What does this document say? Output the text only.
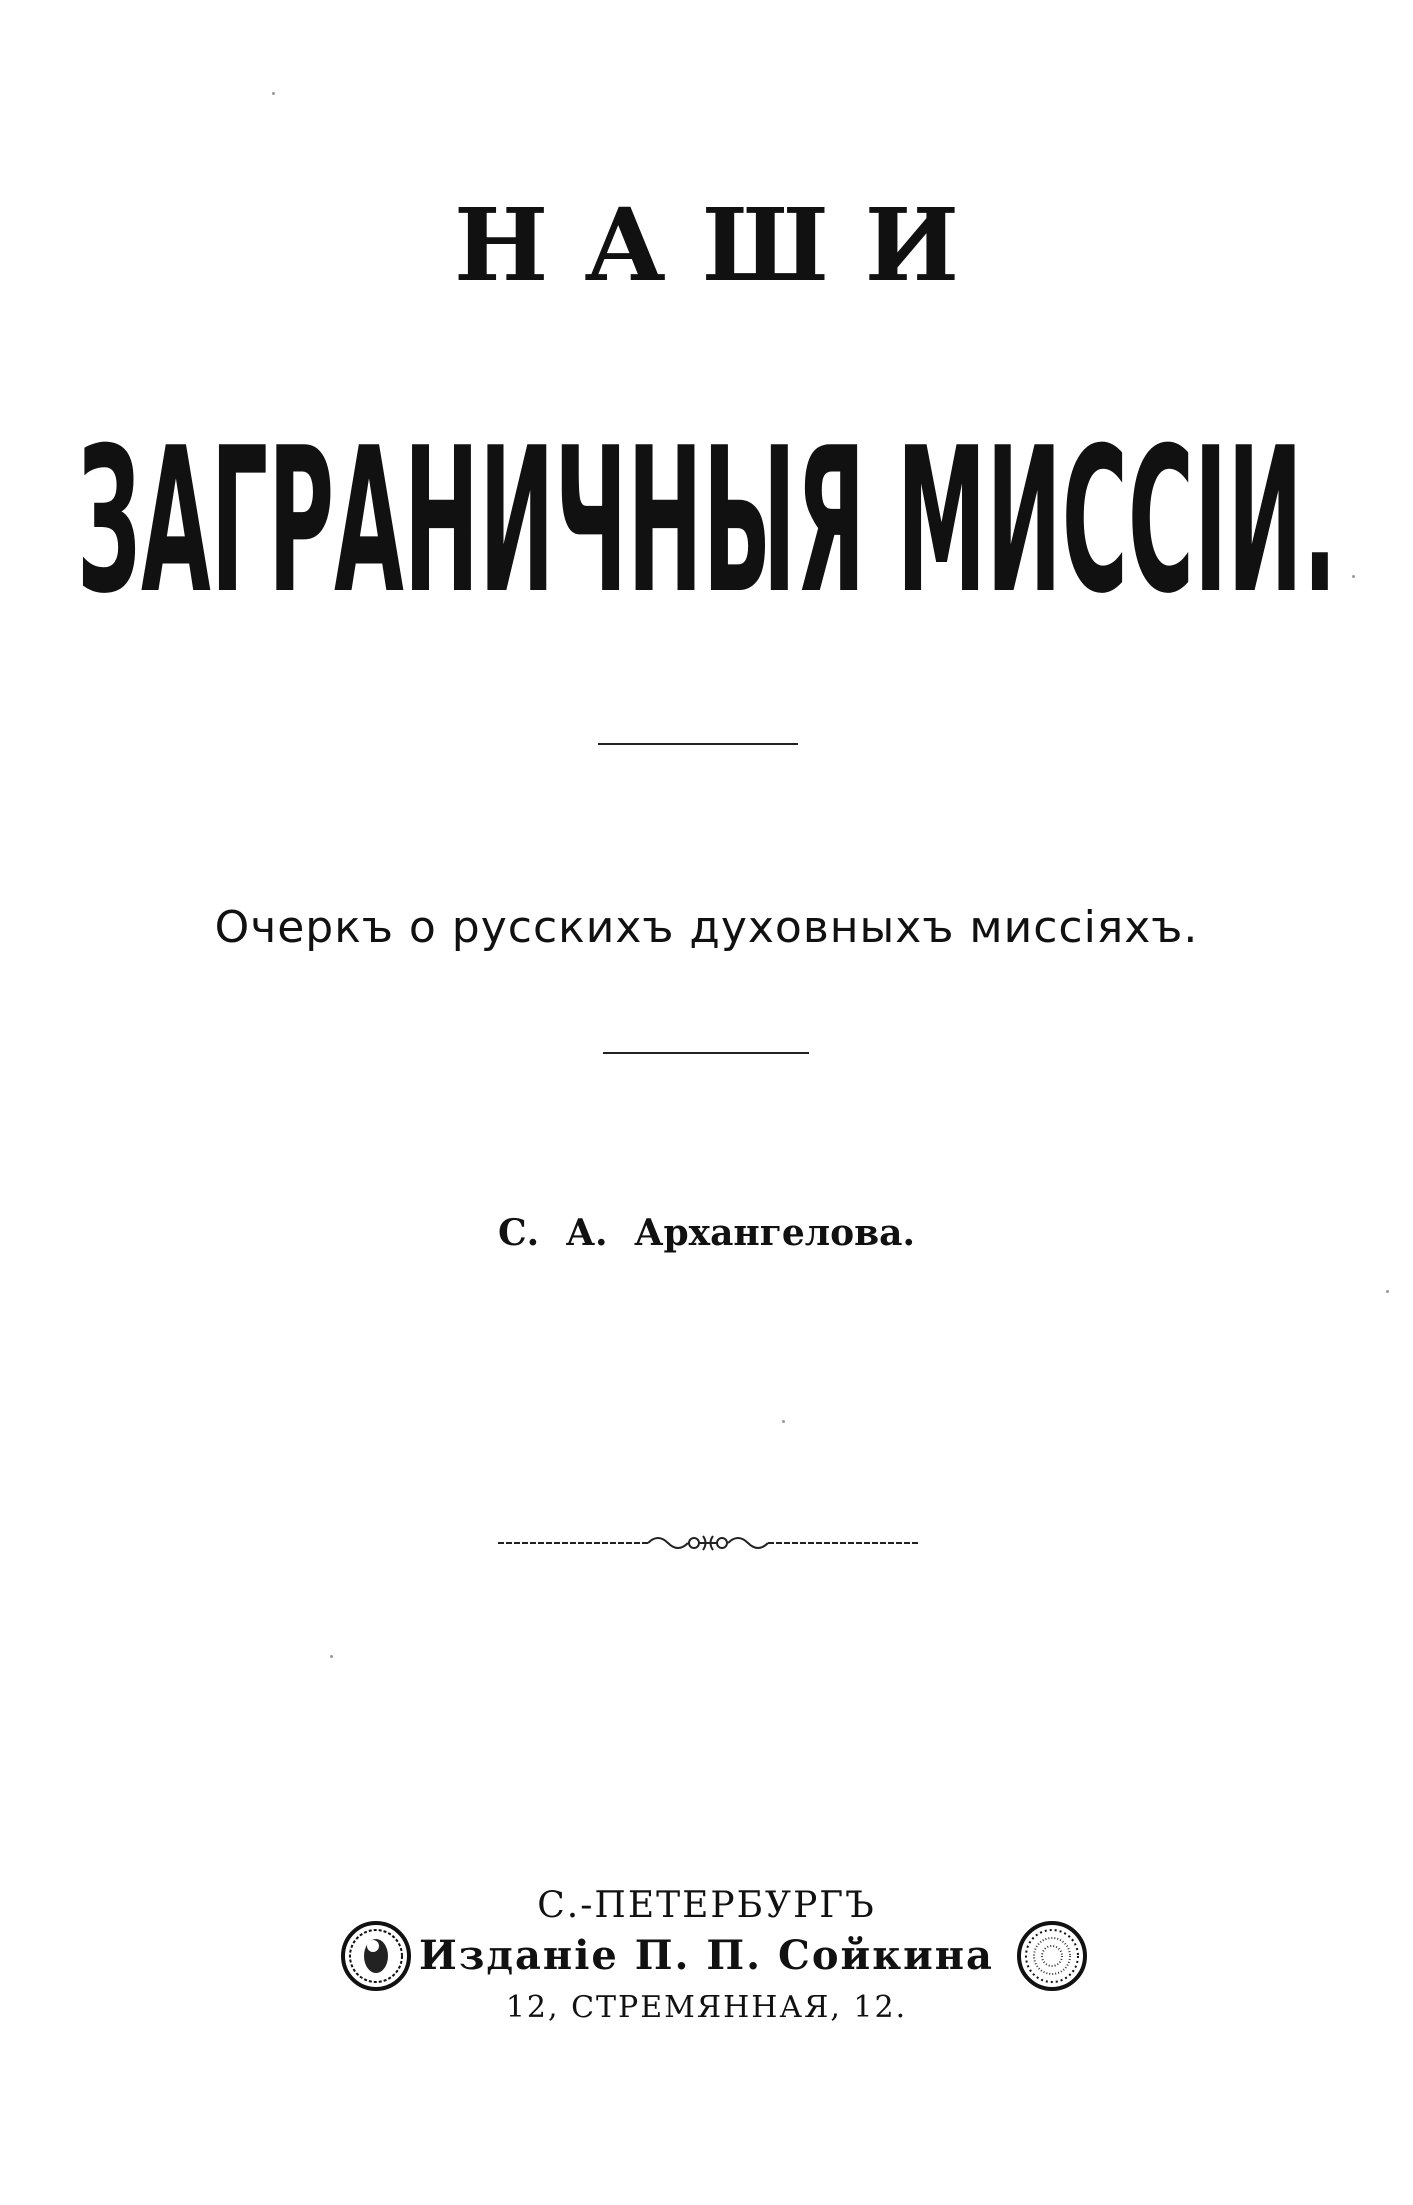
НАШИ
ЗАГРАНИЧНЫЯ МИССІИ.
Очеркъ о русскихъ духовныхъ миссіяхъ.
С. А. Архангелова.
С.-ПЕТЕРБУРГЪ
Изданіе П. П. Сойкина
12, СТРЕМЯННАЯ, 12.
